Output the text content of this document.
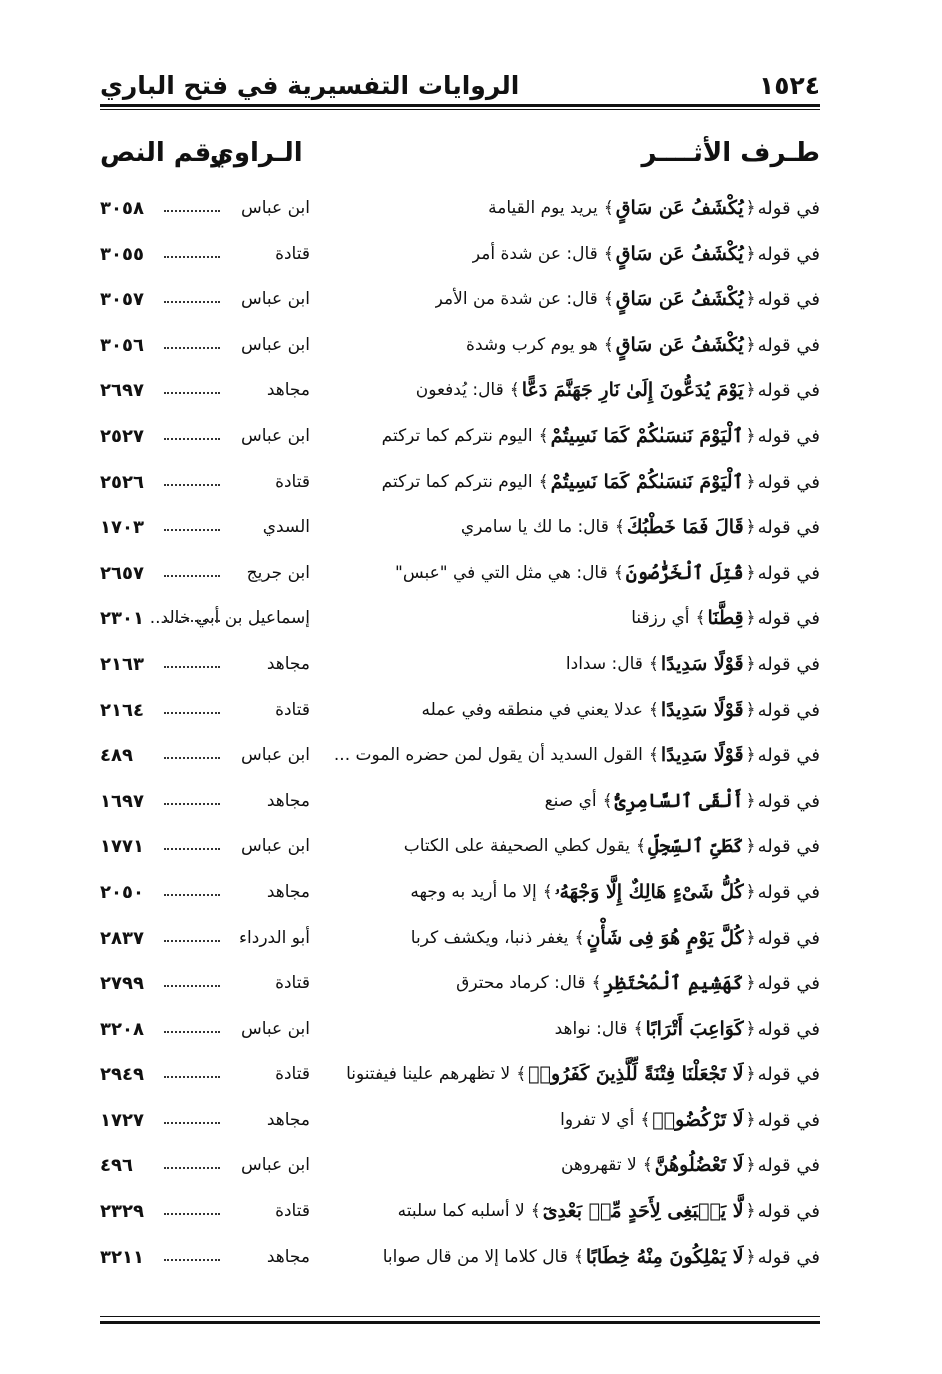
١٥٢٤
الروايات التفسيرية في فتح الباري
طـرف الأثــــر
الـراوي
رقم النص
في قوله
﴿
يُكْشَفُ عَن سَاقٍ
﴾
يريد يوم القيامة
ابن عباس
٣٠٥٨
في قوله
﴿
يُكْشَفُ عَن سَاقٍ
﴾
قال: عن شدة أمر
قتادة
٣٠٥٥
في قوله
﴿
يُكْشَفُ عَن سَاقٍ
﴾
قال: عن شدة من الأمر
ابن عباس
٣٠٥٧
في قوله
﴿
يُكْشَفُ عَن سَاقٍ
﴾
هو يوم كرب وشدة
ابن عباس
٣٠٥٦
في قوله
﴿
يَوْمَ يُدَعُّونَ إِلَىٰ نَارِ جَهَنَّمَ دَعًّا
﴾
قال: يُدفعون
مجاهد
٢٦٩٧
في قوله
﴿
ٱلْيَوْمَ نَنسَىٰكُمْ كَمَا نَسِيتُمْ
﴾
اليوم نتركم كما تركتم
ابن عباس
٢٥٢٧
في قوله
﴿
ٱلْيَوْمَ نَنسَىٰكُمْ كَمَا نَسِيتُمْ
﴾
اليوم نتركم كما تركتم
قتادة
٢٥٢٦
في قوله
﴿
قَالَ فَمَا خَطْبُكَ
﴾
قال: ما لك يا سامري
السدي
١٧٠٣
في قوله
﴿
قُتِلَ ٱلْخَرَّٰصُونَ
﴾
قال: هي مثل التي في "عبس"
ابن جريج
٢٦٥٧
في قوله
﴿
قِطَّنَا
﴾
أي رزقنا
إسماعيل بن أبي خالد..
٢٣٠١
في قوله
﴿
قَوْلًا سَدِيدًا
﴾
قال: سدادا
مجاهد
٢١٦٣
في قوله
﴿
قَوْلًا سَدِيدًا
﴾
عدلا يعني في منطقه وفي عمله
قتادة
٢١٦٤
في قوله
﴿
قَوْلًا سَدِيدًا
﴾
القول السديد أن يقول لمن حضره الموت ...
ابن عباس
٤٨٩
في قوله
﴿
أَلْقَى ٱلسَّامِرِىُّ
﴾
أي صنع
مجاهد
١٦٩٧
في قوله
﴿
كَطَىِّ ٱلسِّجِلِّ
﴾
يقول كطي الصحيفة على الكتاب
ابن عباس
١٧٧١
في قوله
﴿
كُلُّ شَىْءٍ هَالِكٌ إِلَّا وَجْهَهُۥ
﴾
إلا ما أريد به وجهه
مجاهد
٢٠٥٠
في قوله
﴿
كُلَّ يَوْمٍ هُوَ فِى شَأْنٍ
﴾
يغفر ذنبا، ويكشف كربا
أبو الدرداء
٢٨٣٧
في قوله
﴿
كَهَشِيمِ ٱلْمُحْتَظِرِ
﴾
قال: كرماد محترق
قتادة
٢٧٩٩
في قوله
﴿
كَوَاعِبَ أَتْرَابًا
﴾
قال: نواهد
ابن عباس
٣٢٠٨
في قوله
﴿
لَا تَجْعَلْنَا فِتْنَةً لِّلَّذِينَ كَفَرُوا۟
﴾
لا تظهرهم علينا فيفتنونا
قتادة
٢٩٤٩
في قوله
﴿
لَا تَرْكُضُوا۟
﴾
أي لا تفروا
مجاهد
١٧٢٧
في قوله
﴿
لَا تَعْضُلُوهُنَّ
﴾
لا تقهروهن
ابن عباس
٤٩٦
في قوله
﴿
لَّا يَنۢبَغِى لِأَحَدٍ مِّنۢ بَعْدِىٓ
﴾
لا أسلبه كما سلبته
قتادة
٢٣٢٩
في قوله
﴿
لَا يَمْلِكُونَ مِنْهُ خِطَابًا
﴾
قال كلاما إلا من قال صوابا
مجاهد
٣٢١١
